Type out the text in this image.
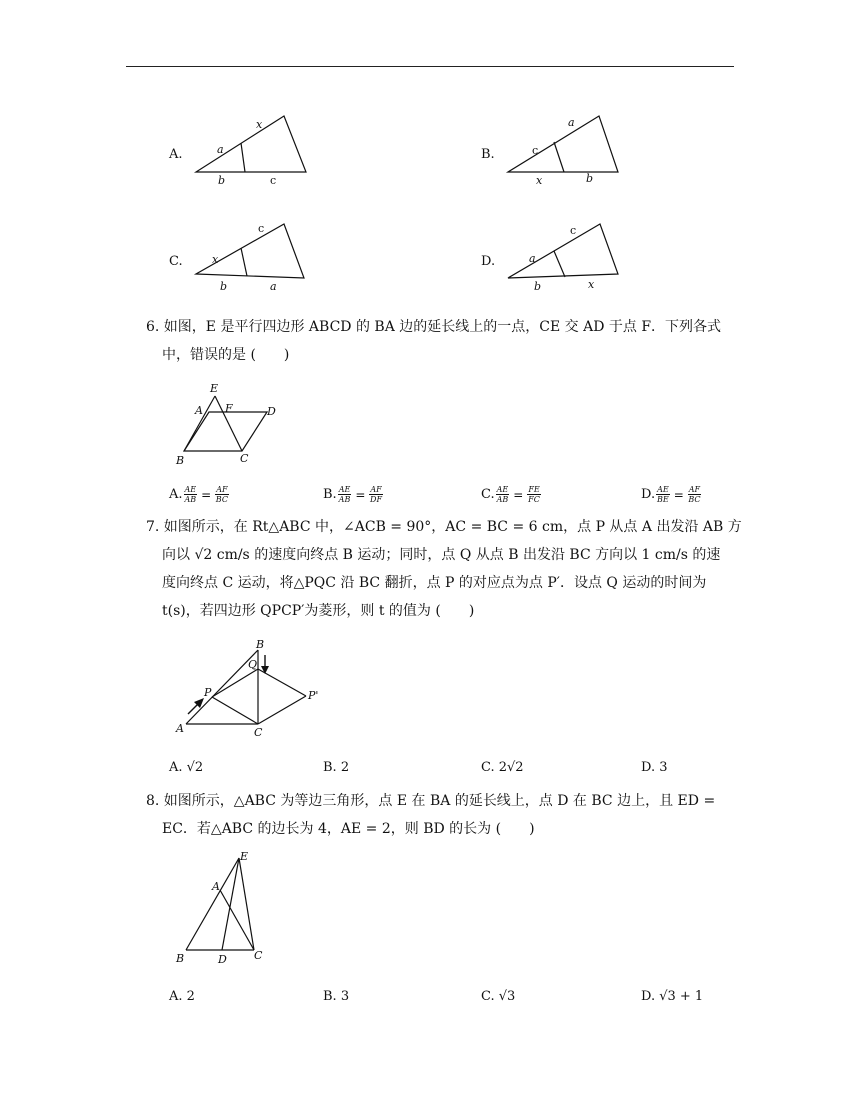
A.
x
a
b	c
B.
a
c
x	b
C.
c
x
b	a
D.
c
a
b	x
6. 如图，E 是平行四边形 ABCD 的 BA 边的延长线上的一点，CE 交 AD 于点 F．下列各式
中，错误的是 (　　)
E
A F	D
B	C
A. $\frac{AE}{AB} = \frac{AF}{BC}$	B. $\frac{AE}{AB} = \frac{AF}{DF}$	C. $\frac{AE}{AB} = \frac{FE}{FC}$	D. $\frac{AE}{BE} = \frac{AF}{BC}$
7. 如图所示，在 Rt△ABC 中，∠ACB = 90°，AC = BC = 6 cm，点 P 从点 A 出发沿 AB 方
向以 √2 cm/s 的速度向终点 B 运动；同时，点 Q 从点 B 出发沿 BC 方向以 1 cm/s 的速
度向终点 C 运动，将△PQC 沿 BC 翻折，点 P 的对应点为点 P′．设点 Q 运动的时间为
t(s)，若四边形 QPCP′为菱形，则 t 的值为 (　　)
B
Q
P	P'
A	C
A. √2	B. 2	C. 2√2	D. 3
8. 如图所示，△ABC 为等边三角形，点 E 在 BA 的延长线上，点 D 在 BC 边上，且 ED =
EC．若△ABC 的边长为 4，AE = 2，则 BD 的长为 (　　)
E
A
B	D C
A. 2	B. 3	C. √3	D. √3 + 1
